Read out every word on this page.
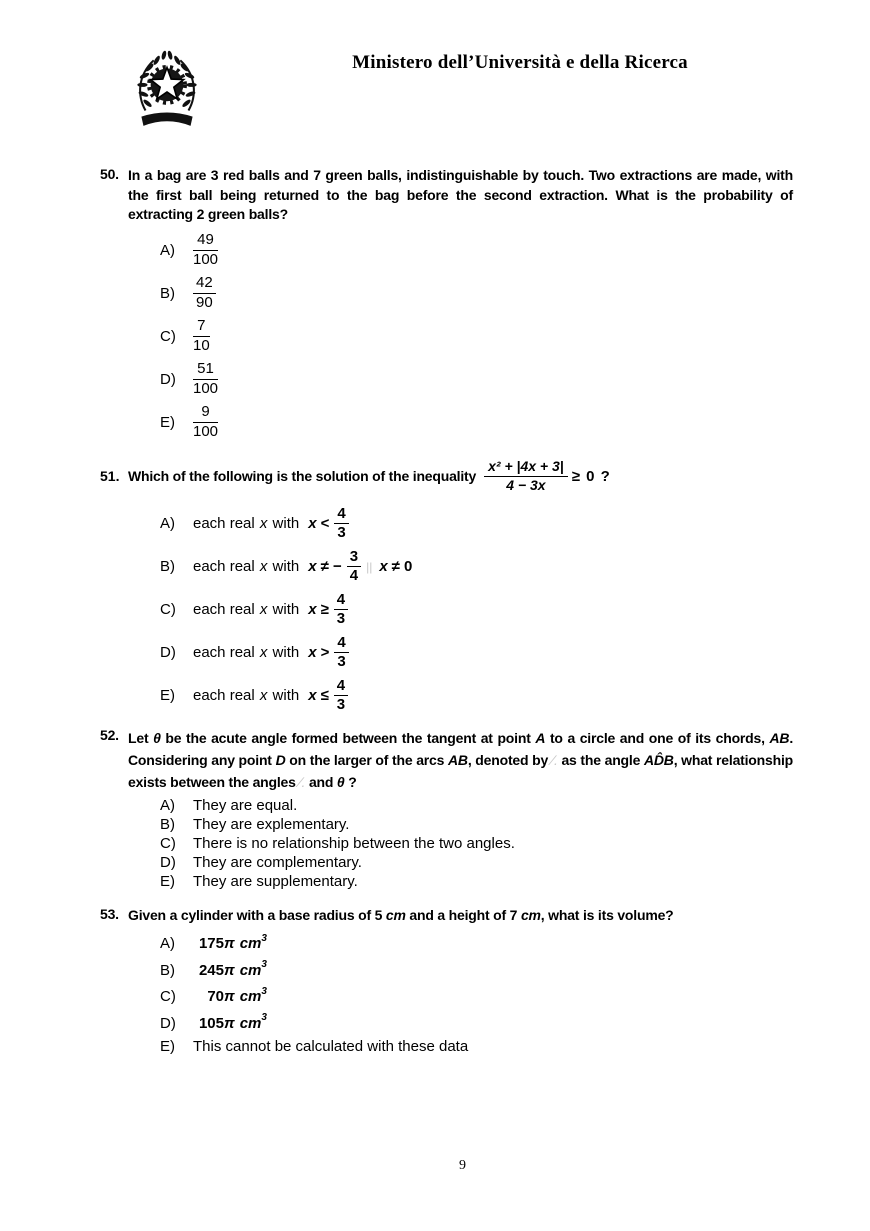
Ministero dell’Università e della Ricerca
50. In a bag are 3 red balls and 7 green balls, indistinguishable by touch. Two extractions are made, with the first ball being returned to the bag before the second extraction. What is the probability of extracting 2 green balls?
A)	$\frac{49}{100}$
B)	$\frac{42}{90}$
C)	$\frac{7}{10}$
D)	$\frac{51}{100}$
E)	$\frac{9}{100}$
51. Which of the following is the solution of the inequality $\frac{\text{x² + |4x + 3|}}{4 - 3x} \ge 0$ ?
A)	each real x with $x < \frac{4}{3}$
B)	each real x with x ≠ − $\frac{3}{4}$ || x ≠ 0
C)	each real x with $x \ge \frac{4}{3}$
D)	each real x with $x > \frac{4}{3}$
E)	each real x with $x \le \frac{4}{3}$
52. Let θ be the acute angle formed between the tangent at point A to a circle and one of its chords, AB. Considering any point D on the larger of the arcs AB, denoted by ∕. as the angle AD̂B, what relationship exists between the angles ∕. and θ ?
A)	They are equal.
B)	They are explementary.
C)	There is no relationship between the two angles.
D)	They are complementary.
E)	They are supplementary.
53. Given a cylinder with a base radius of 5 cm and a height of 7 cm, what is its volume?
A)	175 π $cm^3$
B)	245 π $cm^3$
C)	70 π $cm^3$
D)	105 π $cm^3$
E)	This cannot be calculated with these data
9
